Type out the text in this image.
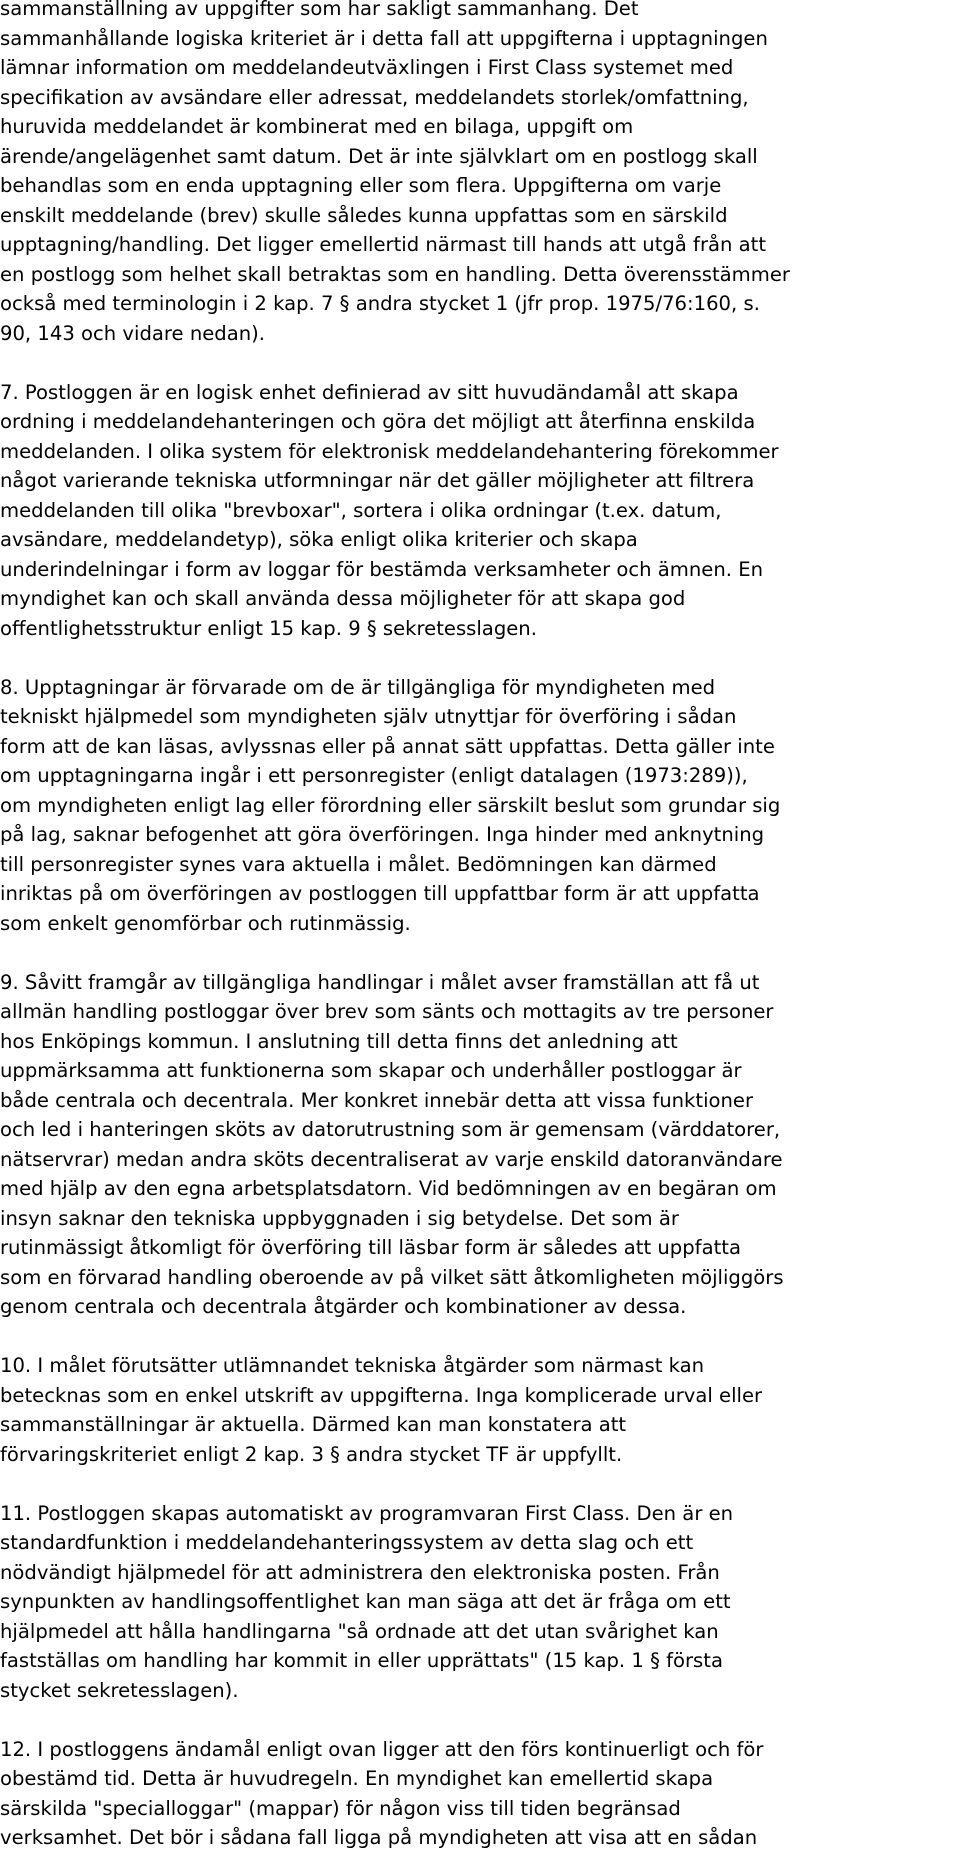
sammanställning av uppgifter som har sakligt sammanhang. Det
sammanhållande logiska kriteriet är i detta fall att uppgifterna i upptagningen
lämnar information om meddelandeutväxlingen i First Class systemet med
specifikation av avsändare eller adressat, meddelandets storlek/omfattning,
huruvida meddelandet är kombinerat med en bilaga, uppgift om
ärende/angelägenhet samt datum. Det är inte självklart om en postlogg skall
behandlas som en enda upptagning eller som flera. Uppgifterna om varje
enskilt meddelande (brev) skulle således kunna uppfattas som en särskild
upptagning/handling. Det ligger emellertid närmast till hands att utgå från att
en postlogg som helhet skall betraktas som en handling. Detta överensstämmer
också med terminologin i 2 kap. 7 § andra stycket 1 (jfr prop. 1975/76:160, s.
90, 143 och vidare nedan).
7. Postloggen är en logisk enhet definierad av sitt huvudändamål att skapa
ordning i meddelandehanteringen och göra det möjligt att återfinna enskilda
meddelanden. I olika system för elektronisk meddelandehantering förekommer
något varierande tekniska utformningar när det gäller möjligheter att filtrera
meddelanden till olika "brevboxar", sortera i olika ordningar (t.ex. datum,
avsändare, meddelandetyp), söka enligt olika kriterier och skapa
underindelningar i form av loggar för bestämda verksamheter och ämnen. En
myndighet kan och skall använda dessa möjligheter för att skapa god
offentlighetsstruktur enligt 15 kap. 9 § sekretesslagen.
8. Upptagningar är förvarade om de är tillgängliga för myndigheten med
tekniskt hjälpmedel som myndigheten själv utnyttjar för överföring i sådan
form att de kan läsas, avlyssnas eller på annat sätt uppfattas. Detta gäller inte
om upptagningarna ingår i ett personregister (enligt datalagen (1973:289)),
om myndigheten enligt lag eller förordning eller särskilt beslut som grundar sig
på lag, saknar befogenhet att göra överföringen. Inga hinder med anknytning
till personregister synes vara aktuella i målet. Bedömningen kan därmed
inriktas på om överföringen av postloggen till uppfattbar form är att uppfatta
som enkelt genomförbar och rutinmässig.
9. Såvitt framgår av tillgängliga handlingar i målet avser framställan att få ut
allmän handling postloggar över brev som sänts och mottagits av tre personer
hos Enköpings kommun. I anslutning till detta finns det anledning att
uppmärksamma att funktionerna som skapar och underhåller postloggar är
både centrala och decentrala. Mer konkret innebär detta att vissa funktioner
och led i hanteringen sköts av datorutrustning som är gemensam (värddatorer,
nätservrar) medan andra sköts decentraliserat av varje enskild datoranvändare
med hjälp av den egna arbetsplatsdatorn. Vid bedömningen av en begäran om
insyn saknar den tekniska uppbyggnaden i sig betydelse. Det som är
rutinmässigt åtkomligt för överföring till läsbar form är således att uppfatta
som en förvarad handling oberoende av på vilket sätt åtkomligheten möjliggörs
genom centrala och decentrala åtgärder och kombinationer av dessa.
10. I målet förutsätter utlämnandet tekniska åtgärder som närmast kan
betecknas som en enkel utskrift av uppgifterna. Inga komplicerade urval eller
sammanställningar är aktuella. Därmed kan man konstatera att
förvaringskriteriet enligt 2 kap. 3 § andra stycket TF är uppfyllt.
11. Postloggen skapas automatiskt av programvaran First Class. Den är en
standardfunktion i meddelandehanteringssystem av detta slag och ett
nödvändigt hjälpmedel för att administrera den elektroniska posten. Från
synpunkten av handlingsoffentlighet kan man säga att det är fråga om ett
hjälpmedel att hålla handlingarna "så ordnade att det utan svårighet kan
fastställas om handling har kommit in eller upprättats" (15 kap. 1 § första
stycket sekretesslagen).
12. I postloggens ändamål enligt ovan ligger att den förs kontinuerligt och för
obestämd tid. Detta är huvudregeln. En myndighet kan emellertid skapa
särskilda "specialloggar" (mappar) för någon viss till tiden begränsad
verksamhet. Det bör i sådana fall ligga på myndigheten att visa att en sådan
